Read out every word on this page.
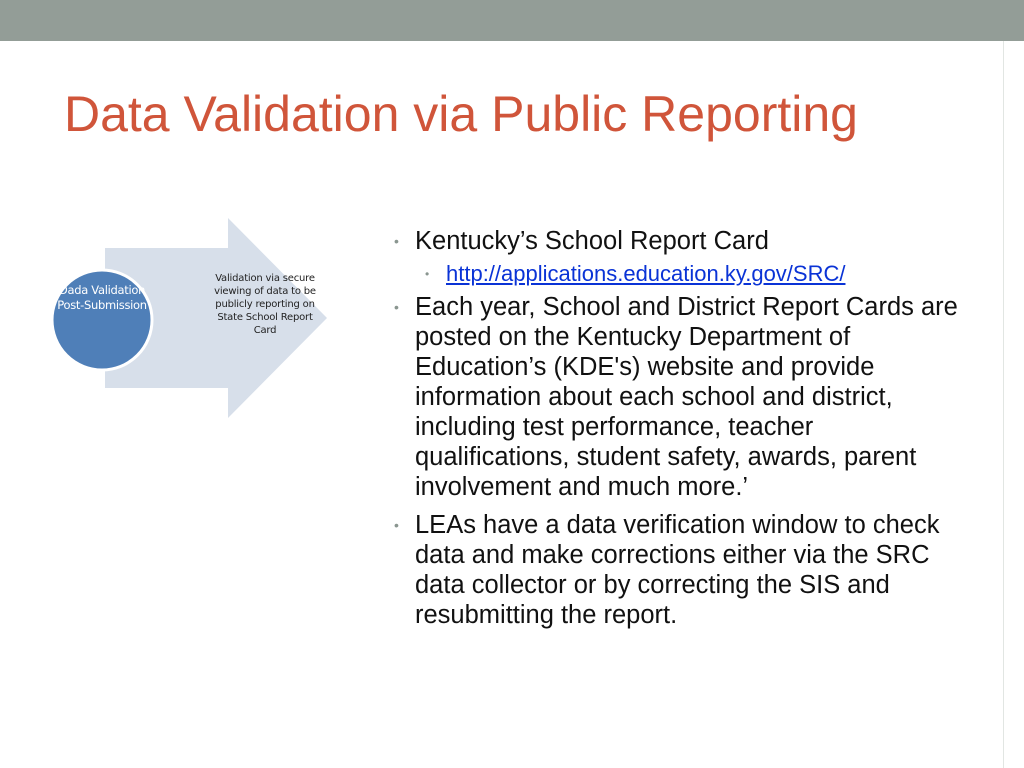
Data Validation via Public Reporting
Validation via secure viewing of data to be publicly reporting on State School Report Card
Dada Validation Post-Submission
• Kentucky’s School Report Card
• http://applications.education.ky.gov/SRC/
• Each year, School and District Report Cards are posted on the Kentucky Department of Education’s (KDE's) website and provide information about each school and district, including test performance, teacher qualifications, student safety, awards, parent involvement and much more.’
• LEAs have a data verification window to check data and make corrections either via the SRC data collector or by correcting the SIS and resubmitting the report.
